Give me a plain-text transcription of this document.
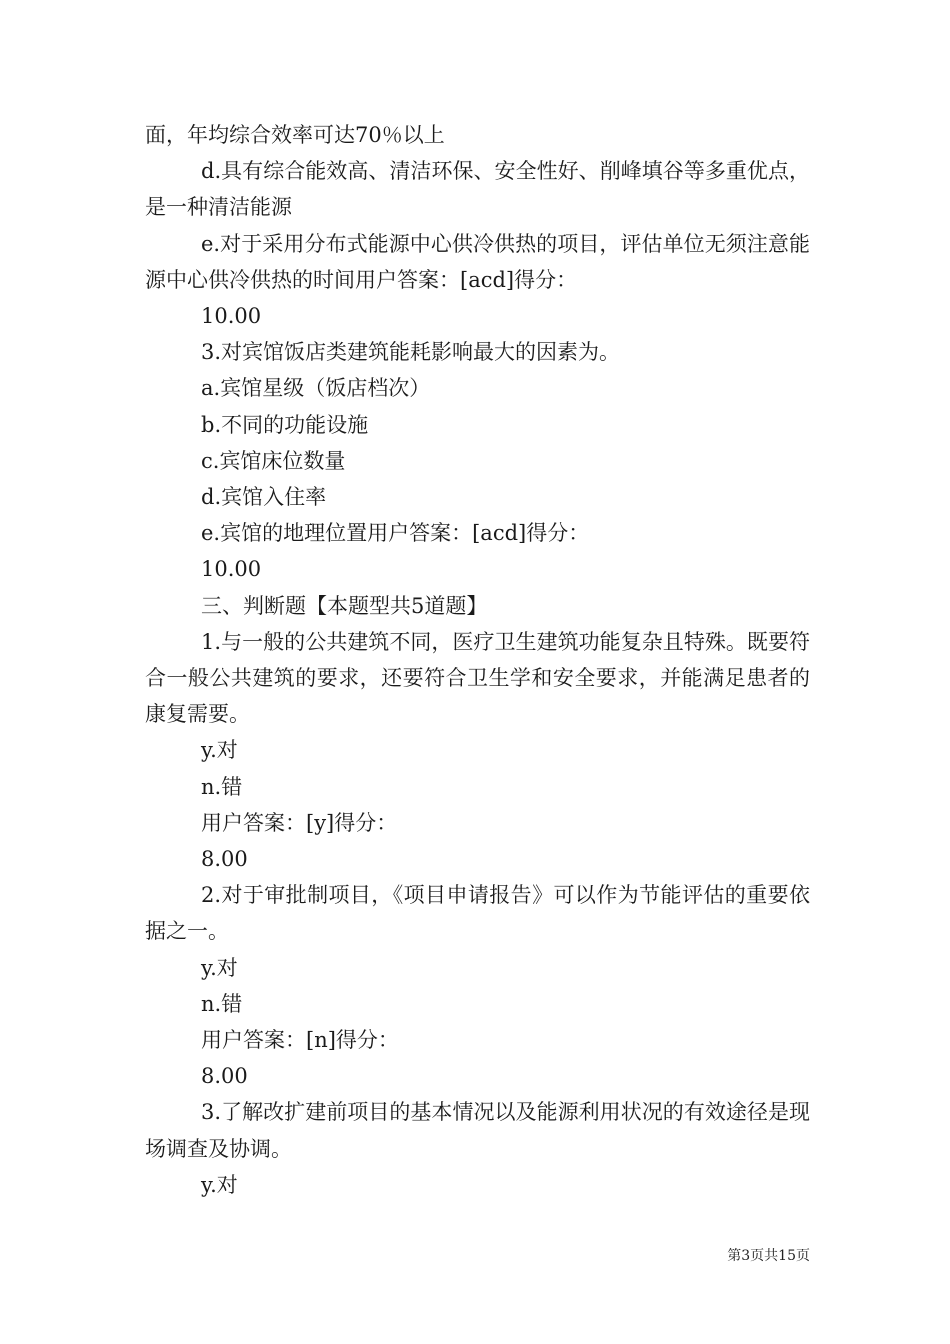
面，年均综合效率可达70％以上

d.具有综合能效高、清洁环保、安全性好、削峰填谷等多重优点，是一种清洁能源

e.对于采用分布式能源中心供冷供热的项目，评估单位无须注意能源中心供冷供热的时间用户答案：[acd]得分：

10.00

3.对宾馆饭店类建筑能耗影响最大的因素为。

a.宾馆星级（饭店档次）

b.不同的功能设施

c.宾馆床位数量

d.宾馆入住率

e.宾馆的地理位置用户答案：[acd]得分：

10.00

三、判断题【本题型共5道题】

1.与一般的公共建筑不同，医疗卫生建筑功能复杂且特殊。既要符合一般公共建筑的要求，还要符合卫生学和安全要求，并能满足患者的康复需要。

y.对

n.错

用户答案：[y]得分：

8.00

2.对于审批制项目，《项目申请报告》可以作为节能评估的重要依据之一。

y.对

n.错

用户答案：[n]得分：

8.00

3.了解改扩建前项目的基本情况以及能源利用状况的有效途径是现场调查及协调。

y.对

第3页共15页
